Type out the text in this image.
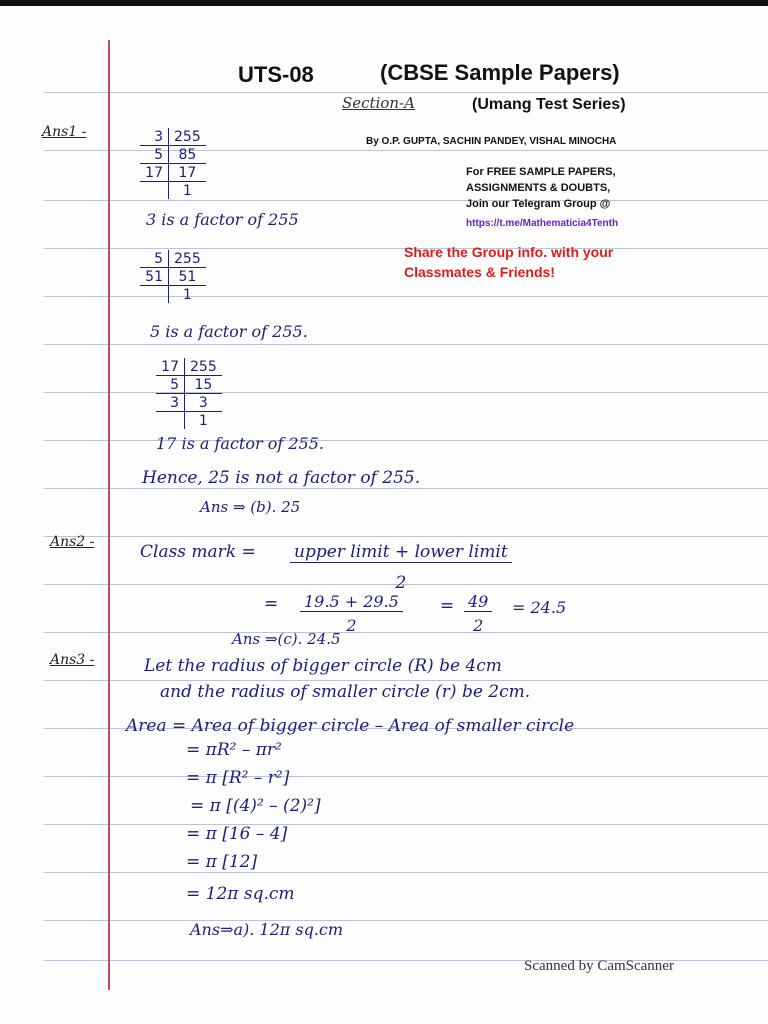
UTS-08	(CBSE Sample Papers)
Section-A	(Umang Test Series)
By O.P. GUPTA, SACHIN PANDEY, VISHAL MINOCHA
For FREE SAMPLE PAPERS,
ASSIGNMENTS & DOUBTS,
Join our Telegram Group @
https://t.me/Mathematicia4Tenth
Share the Group info. with your
Classmates & Friends!
Ans1 -	3	255
5	85
17	17
	1
3 is a factor of 255
5	255
51	51
	1
5 is a factor of 255.
17	255
5	15
3	3
	1
17 is a factor of 255.
Hence, 25 is not a factor of 255.
Ans ⇒ (b). 25
Ans2 -	Class mark = upper limit + lower limit
2
= $\frac{19.5 + 29.5}{2} = \frac{49}{2} = 24.5$
Ans ⇒(c). 24.5
Ans3 -	Let the radius of bigger circle (R) be 4cm
and the radius of smaller circle (r) be 2cm.
Area = Area of bigger circle – Area of smaller circle
= πR² – πr²
= π [R² – r²]
= π [(4)² – (2)²]
= π [16 – 4]
= π [12]
= 12π sq.cm
Ans⇒a). 12π sq.cm
Scanned by CamScanner
